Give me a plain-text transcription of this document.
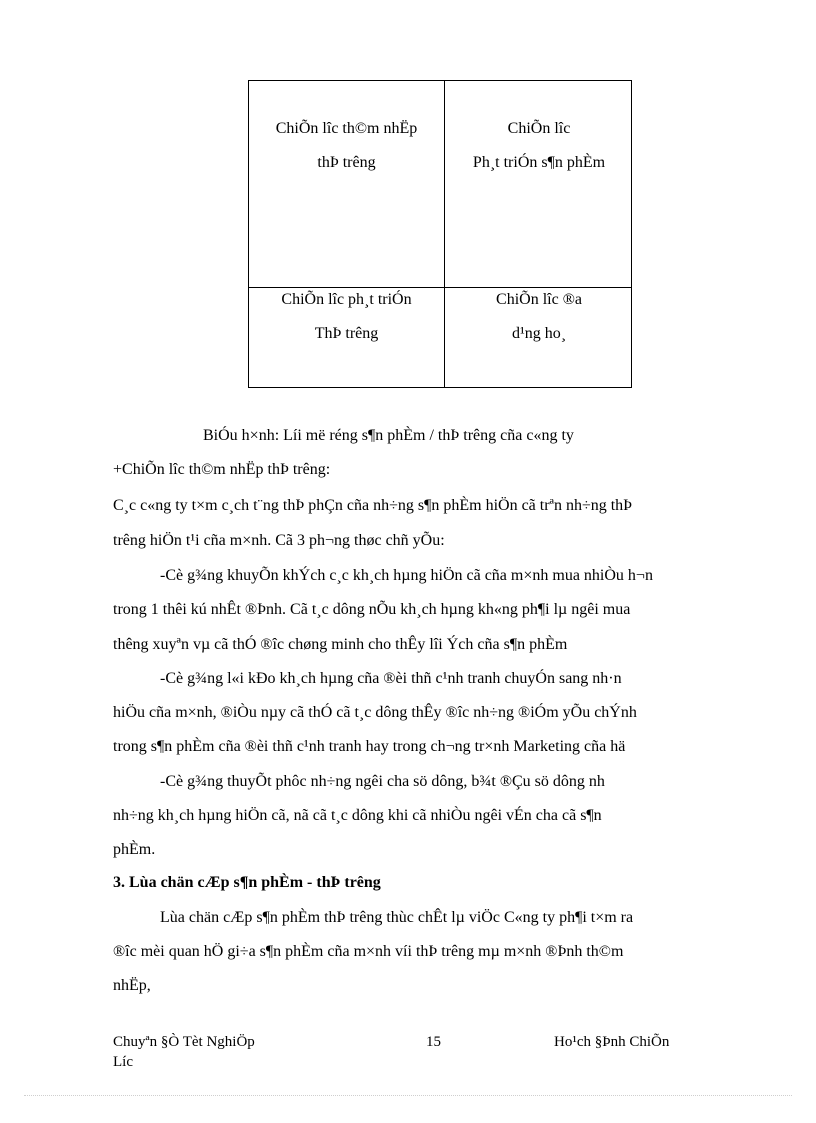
ChiÕn lîc th©m nhËp
thÞ trêng
ChiÕn lîc
Ph¸t triÓn s¶n phÈm
ChiÕn lîc ph¸t triÓn
ThÞ trêng
ChiÕn lîc ®a
d¹ng ho¸
BiÓu h×nh: Líi më réng s¶n phÈm / thÞ trêng cña c«ng ty
+ChiÕn lîc th©m nhËp thÞ trêng:
C¸c c«ng ty t×m c¸ch t¨ng thÞ phÇn cña nh÷ng s¶n phÈm hiÖn cã trªn nh÷ng thÞ
trêng hiÖn t¹i cña m×nh. Cã 3 ph¬ng thøc chñ yÕu:
-Cè g¾ng khuyÕn khÝch c¸c kh¸ch hµng hiÖn cã cña m×nh mua nhiÒu h¬n
trong 1 thêi kú nhÊt ®Þnh. Cã t¸c dông nÕu kh¸ch hµng kh«ng ph¶i lµ ngêi mua
thêng xuyªn vµ cã thÓ ®îc chøng minh cho thÊy lîi Ých cña s¶n phÈm
-Cè g¾ng l«i kÐo kh¸ch hµng cña ®èi thñ c¹nh tranh chuyÓn sang nh·n
hiÖu cña m×nh, ®iÒu nµy cã thÓ cã t¸c dông thÊy ®îc nh÷ng ®iÓm yÕu chÝnh
trong s¶n phÈm cña ®èi thñ c¹nh tranh hay trong ch¬ng tr×nh Marketing cña hä
-Cè g¾ng thuyÕt phôc nh÷ng ngêi cha sö dông, b¾t ®Çu sö dông nh
nh÷ng kh¸ch hµng hiÖn cã, nã cã t¸c dông khi cã nhiÒu ngêi vÉn cha cã s¶n
phÈm.
3. Lùa chän cÆp s¶n phÈm - thÞ trêng
Lùa chän cÆp s¶n phÈm thÞ trêng thùc chÊt lµ viÖc C«ng ty ph¶i t×m ra
®îc mèi quan hÖ gi÷a s¶n phÈm cña m×nh víi thÞ trêng mµ m×nh ®Þnh th©m
nhËp,
Chuyªn §Ò Tèt NghiÖp
Líc
15	Ho¹ch §Þnh ChiÕn
